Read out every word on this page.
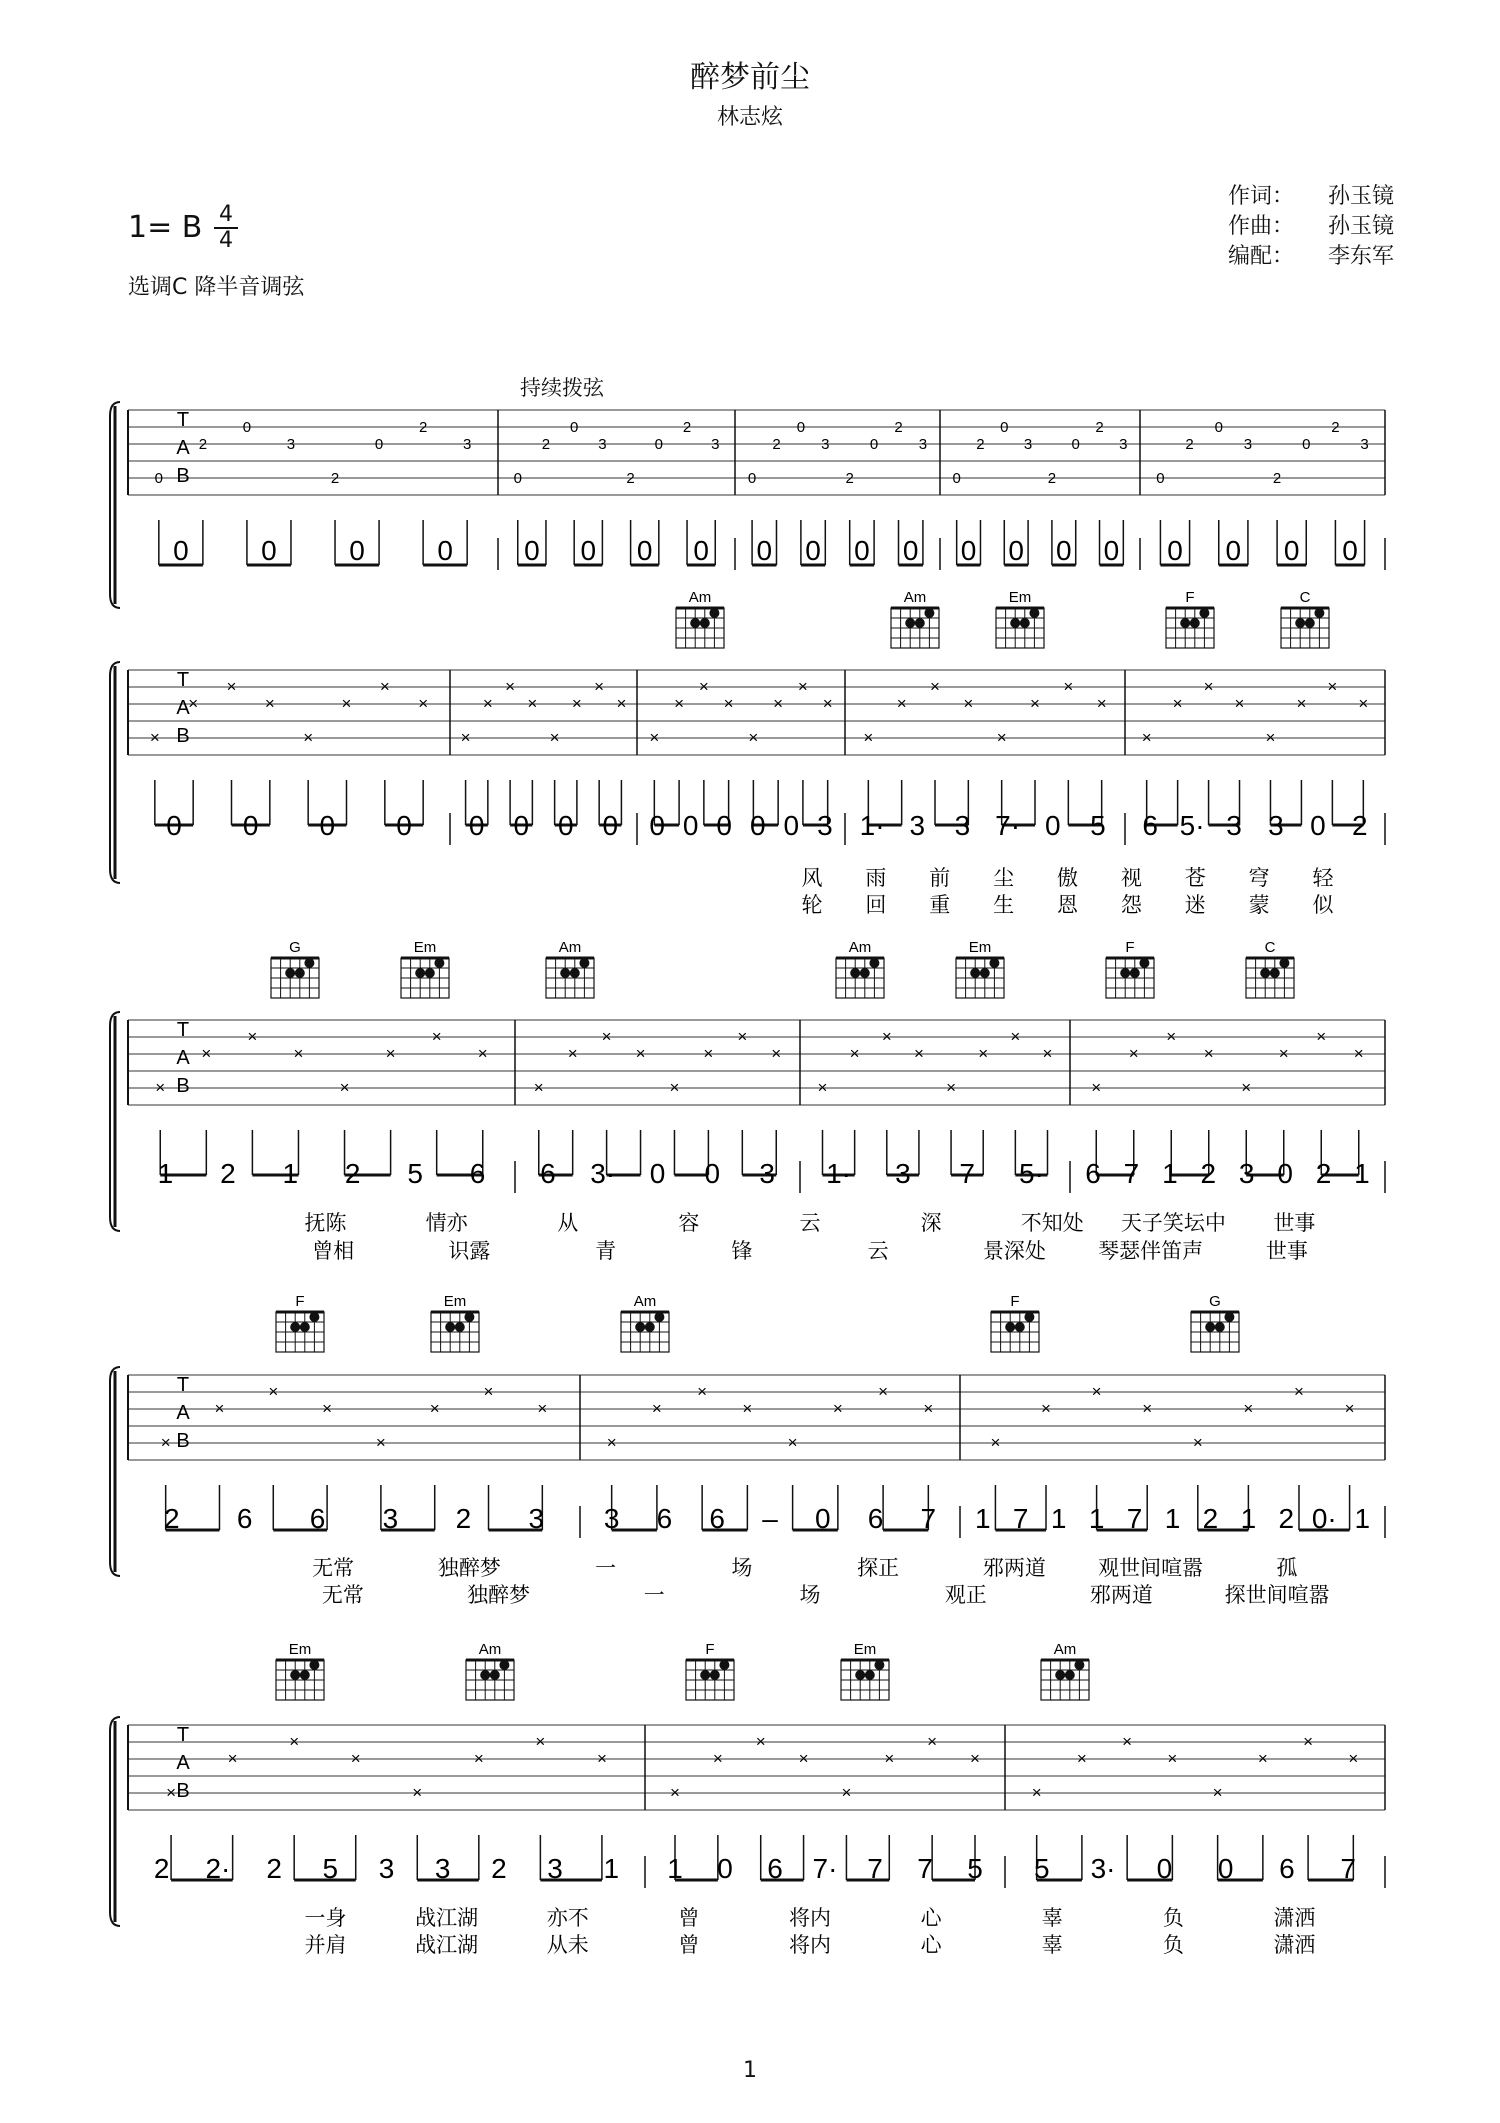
醉梦前尘
林志炫
1= B 4
4
选调C 降半音调弦
作词： 孙玉镜
作曲： 孙玉镜
编配： 李东军
持续拨弦
1
T
A
B
0
2
0
3
2
0
2
3
0
2
0
3
2
0
2
3
0
2
0
3
2
0
2
3
0
2
0
3
2
0
2
3
0
2
0
3
2
0
2
3
0	0	0	0	0 0 0 0 0 0 0 0 0 0 0 0 0 0 0 0
T
A
B
×
×
×
×
×
×
×
×
×
×
×
×
×
×
×
×
×
×
×
×
×
×
×
×
×
×
×
×
×
×
×
×
×
×
×
×
×
×
×
×
Am	Am	Em	F	C
0 0 0 0 0 0 0 0 0 0 0 0 0 3 1· 3 3 7· 0 5 6 5· 3 3 0 2
风 雨 前 尘 傲 视 苍 穹 轻
轮 回 重 生 恩 怨 迷 蒙 似
T
A
B
×
×
×
×
×
×
×
×
×
×
×
×
×
×
×
×
×
×
×
×
×
×
×
×
×
×
×
×
×
×
×
×
G	Em	Am	Am	Em	F	C
1 2 1 2 5 6 6 3· 0 0 3 1· 3 7 5· 6 7 1 2 3 0 2 1
抚陈	情亦	从	容	云	深	不知处 天子笑坛中 世事
曾相	识露	青	锋	云	景深处 琴瑟伴笛声	世事
T
A
B
×
×
×
×
×
×
×
×
×
×
×
×
×
×
×
×
×
×
×
×
×
×
×
×
F	Em	Am	F	G
2 6 6 3 2 3 3 6 6 – 0 6 7 1 7 1 1 7 1 2 1 2 0· 1
无常	独醉梦	一	场	探正	邪两道 观世间喧嚣	孤
无常	独醉梦	一	场	观正	邪两道	探世间喧嚣
T
A
B
×
×
×
×
×
×
×
×
×
×
×
×
×
×
×
×
×
×
×
×
×
×
×
×
Em	Am	F	Em	Am
2 2· 2 5 3 3 2 3 1 1 0 6 7· 7 7 5 5 3· 0 0 6 7
一身	战江湖	亦不	曾	将内	心	辜	负	潇洒
并肩	战江湖	从未	曾	将内	心	辜	负	潇洒
